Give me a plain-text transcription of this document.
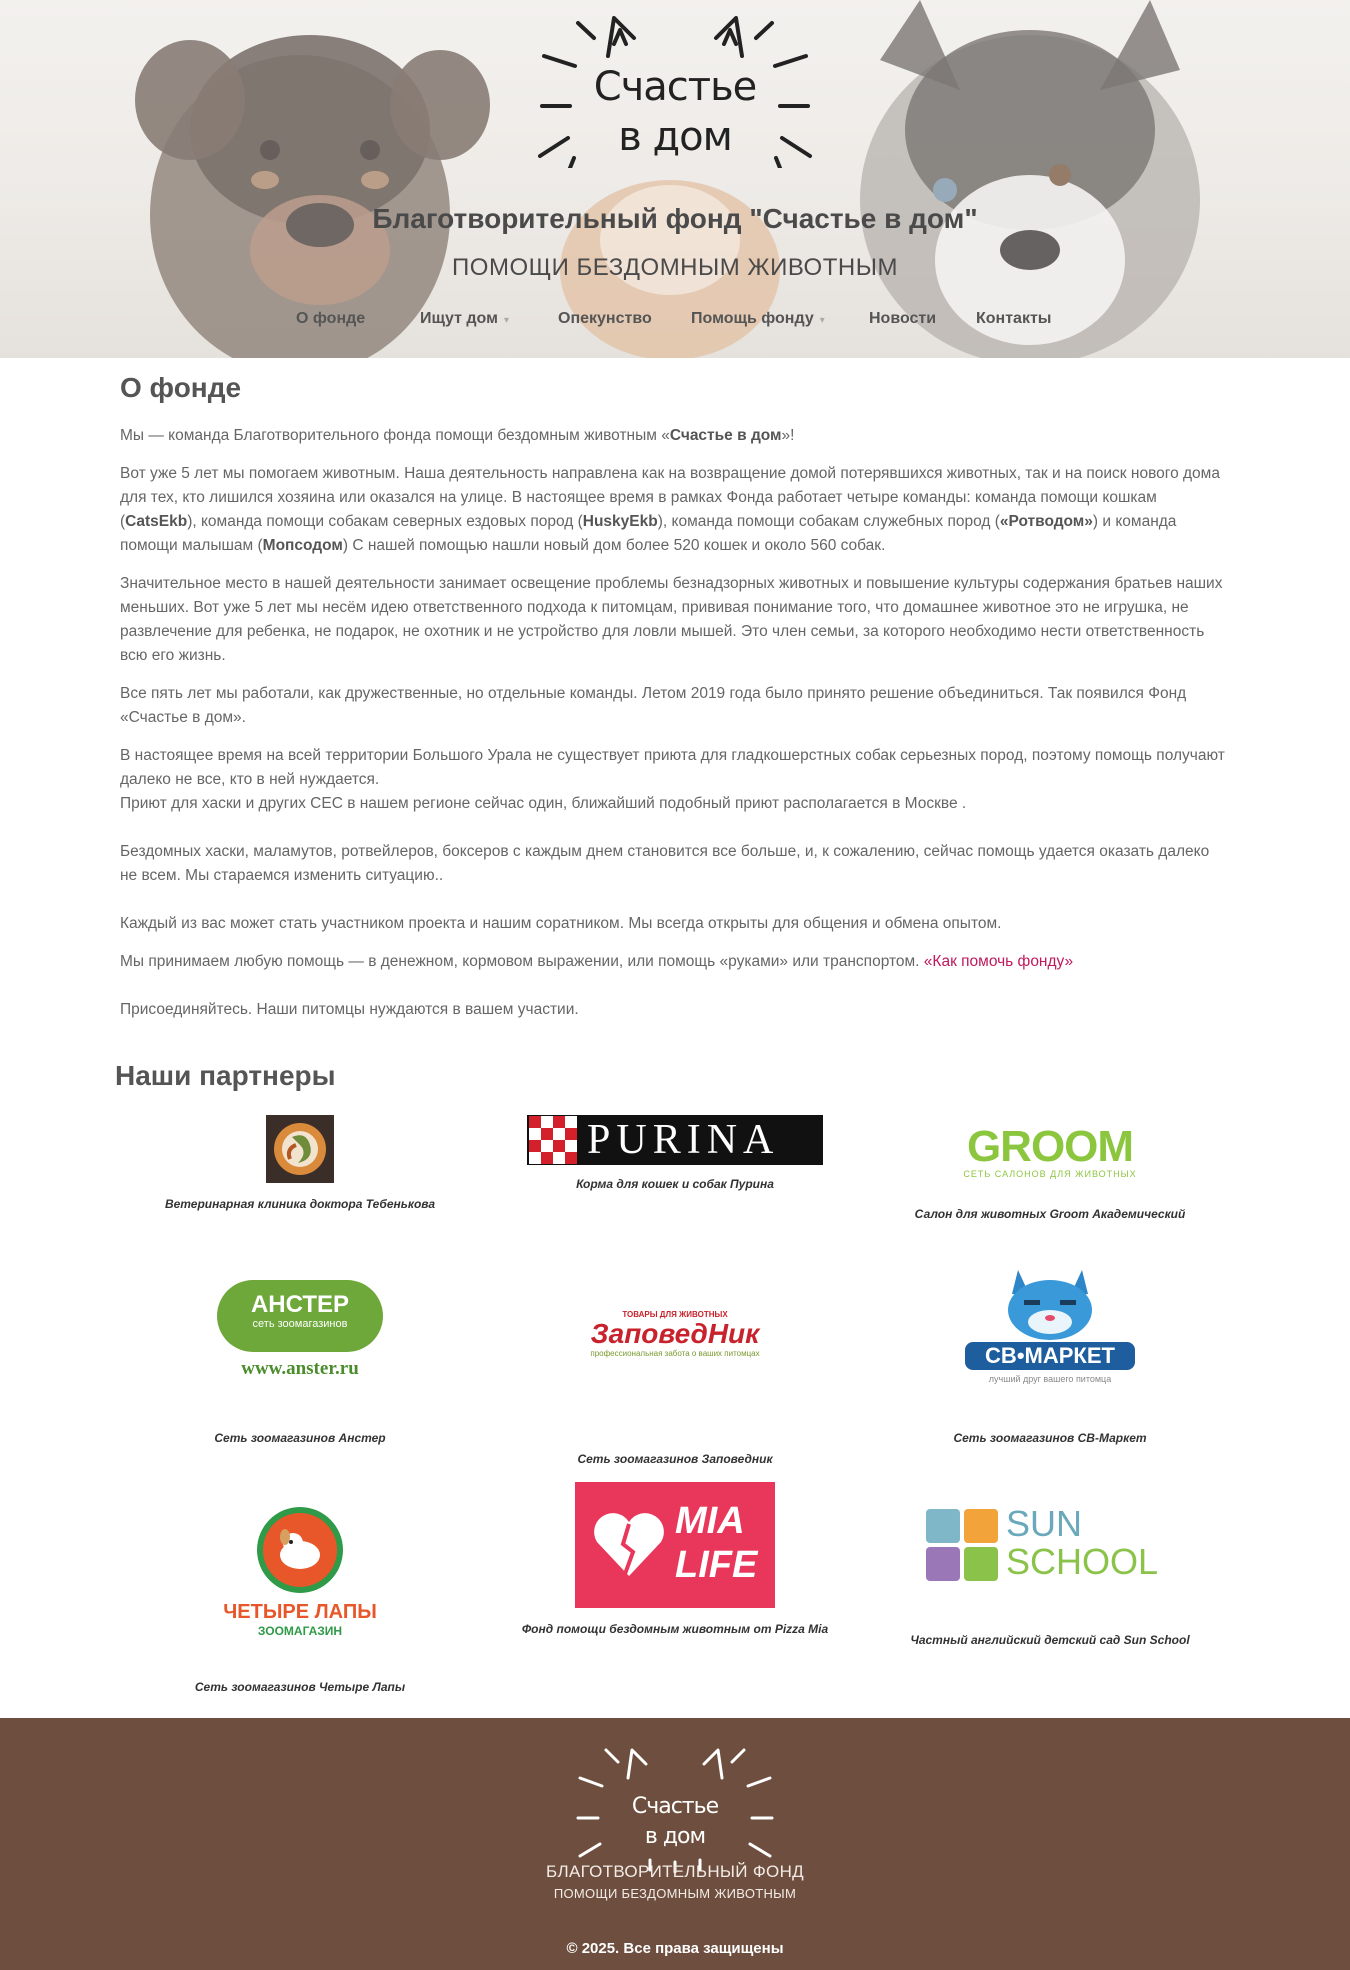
Счастье
в дом
Благотворительный фонд "Счастье в дом"
ПОМОЩИ БЕЗДОМНЫМ ЖИВОТНЫМ
О фонде	Ищут дом ▾	Опекунство Помощь фонду ▾	Новости Контакты
О фонде

Мы — команда Благотворительного фонда помощи бездомным животным «Счастье в дом»!

Вот уже 5 лет мы помогаем животным. Наша деятельность направлена как на возвращение домой потерявшихся животных, так и на поиск нового дома для тех, кто лишился хозяина или оказался на улице. В настоящее время в рамках Фонда работает четыре команды: команда помощи кошкам (CatsEkb), команда помощи собакам северных ездовых пород (HuskyEkb), команда помощи собакам служебных пород («Ротводом») и команда помощи малышам (Мопсодом) С нашей помощью нашли новый дом более 520 кошек и около 560 собак.

Значительное место в нашей деятельности занимает освещение проблемы безнадзорных животных и повышение культуры содержания братьев наших меньших. Вот уже 5 лет мы несём идею ответственного подхода к питомцам, прививая понимание того, что домашнее животное это не игрушка, не развлечение для ребенка, не подарок, не охотник и не устройство для ловли мышей. Это член семьи, за которого необходимо нести ответственность всю его жизнь.

Все пять лет мы работали, как дружественные, но отдельные команды. Летом 2019 года было принято решение объединиться. Так появился Фонд «Счастье в дом».

В настоящее время на всей территории Большого Урала не существует приюта для гладкошерстных собак серьезных пород, поэтому помощь получают далеко не все, кто в ней нуждается.
Приют для хаски и других СЕС в нашем регионе сейчас один, ближайший подобный приют располагается в Москве .

Бездомных хаски, маламутов, ротвейлеров, боксеров с каждым днем становится все больше, и, к сожалению, сейчас помощь удается оказать далеко не всем. Мы стараемся изменить ситуацию..

Каждый из вас может стать участником проекта и нашим соратником. Мы всегда открыты для общения и обмена опытом.

Мы принимаем любую помощь — в денежном, кормовом выражении, или помощь «руками» или транспортом. «Как помочь фонду»

Присоединяйтесь. Наши питомцы нуждаются в вашем участии.

Наши партнеры
Ветеринарная клиника доктора Тебенькова
PURINA
Корма для кошек и собак Пурина
GROOM
СЕТЬ САЛОНОВ ДЛЯ ЖИВОТНЫХ
Салон для животных Groom Академический
АНСТЕР
сеть зоомагазинов
www.anster.ru
Сеть зоомагазинов Анстер
ТОВАРЫ ДЛЯ ЖИВОТНЫХ
ЗаповедНик
профессиональная забота о ваших питомцах
Сеть зоомагазинов Заповедник
СВ•МАРКЕТ
лучший друг вашего питомца
Сеть зоомагазинов СВ-Маркет
ЧЕТЫРЕ ЛАПЫ
ЗООМАГАЗИН
Сеть зоомагазинов Четыре Лапы
MIA
LIFE
Фонд помощи бездомным животным от Pizza Mia
SUN
SCHOOL
Частный английский детский сад Sun School
Счастье
в дом
БЛАГОТВОРИТЕЛЬНЫЙ ФОНД
ПОМОЩИ БЕЗДОМНЫМ ЖИВОТНЫМ
© 2025. Все права защищены
